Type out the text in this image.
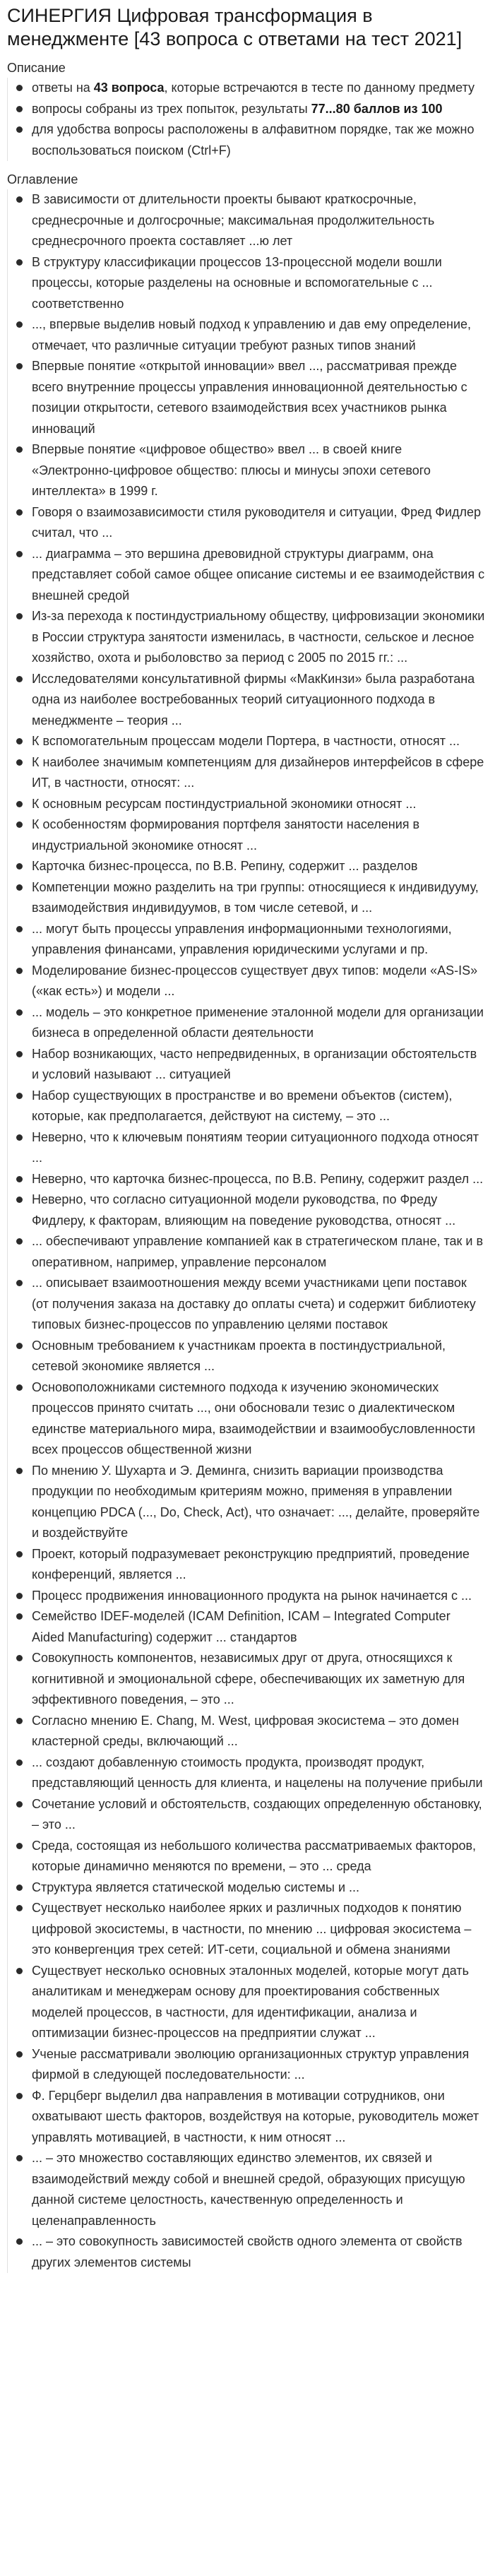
СИНЕРГИЯ Цифровая трансформация в менеджменте [43 вопроса с ответами на тест 2021]
Описание
ответы на 43 вопроса, которые встречаются в тесте по данному предмету
вопросы собраны из трех попыток, результаты 77...80 баллов из 100
для удобства вопросы расположены в алфавитном порядке, так же можно воспользоваться поиском (Ctrl+F)
Оглавление
В зависимости от длительности проекты бывают краткосрочные, среднесрочные и долгосрочные; максимальная продолжительность среднесрочного проекта составляет ...ю лет
В структуру классификации процессов 13-процессной модели вошли процессы, которые разделены на основные и вспомогательные с ... соответственно
..., впервые выделив новый подход к управлению и дав ему определение, отмечает, что различные ситуации требуют разных типов знаний
Впервые понятие «открытой инновации» ввел ..., рассматривая прежде всего внутренние процессы управления инновационной деятельностью с позиции открытости, сетевого взаимодействия всех участников рынка инноваций
Впервые понятие «цифровое общество» ввел ... в своей книге «Электронно-цифровое общество: плюсы и минусы эпохи сетевого интеллекта» в 1999 г.
Говоря о взаимозависимости стиля руководителя и ситуации, Фред Фидлер считал, что ...
... диаграмма – это вершина древовидной структуры диаграмм, она представляет собой самое общее описание системы и ее взаимодействия с внешней средой
Из-за перехода к постиндустриальному обществу, цифровизации экономики в России структура занятости изменилась, в частности, сельское и лесное хозяйство, охота и рыболовство за период с 2005 по 2015 гг.: ...
Исследователями консультативной фирмы «МакКинзи» была разработана одна из наиболее востребованных теорий ситуационного подхода в менеджменте – теория ...
К вспомогательным процессам модели Портера, в частности, относят ...
К наиболее значимым компетенциям для дизайнеров интерфейсов в сфере ИТ, в частности, относят: ...
К основным ресурсам постиндустриальной экономики относят ...
К особенностям формирования портфеля занятости населения в индустриальной экономике относят ...
Карточка бизнес-процесса, по В.В. Репину, содержит ... разделов
Компетенции можно разделить на три группы: относящиеся к индивидууму, взаимодействия индивидуумов, в том числе сетевой, и ...
... могут быть процессы управления информационными технологиями, управления финансами, управления юридическими услугами и пр.
Моделирование бизнес-процессов существует двух типов: модели «AS-IS» («как есть») и модели ...
... модель – это конкретное применение эталонной модели для организации бизнеса в определенной области деятельности
Набор возникающих, часто непредвиденных, в организации обстоятельств и условий называют ... ситуацией
Набор существующих в пространстве и во времени объектов (систем), которые, как предполагается, действуют на систему, – это ...
Неверно, что к ключевым понятиям теории ситуационного подхода относят ...
Неверно, что карточка бизнес-процесса, по В.В. Репину, содержит раздел ...
Неверно, что согласно ситуационной модели руководства, по Фреду Фидлеру, к факторам, влияющим на поведение руководства, относят ...
... обеспечивают управление компанией как в стратегическом плане, так и в оперативном, например, управление персоналом
... описывает взаимоотношения между всеми участниками цепи поставок (от получения заказа на доставку до оплаты счета) и содержит библиотеку типовых бизнес-процессов по управлению целями поставок
Основным требованием к участникам проекта в постиндустриальной, сетевой экономике является ...
Основоположниками системного подхода к изучению экономических процессов принято считать ..., они обосновали тезис о диалектическом единстве материального мира, взаимодействии и взаимообусловленности всех процессов общественной жизни
По мнению У. Шухарта и Э. Деминга, снизить вариации производства продукции по необходимым критериям можно, применяя в управлении концепцию PDCA (..., Do, Check, Act), что означает: ..., делайте, проверяйте и воздействуйте
Проект, который подразумевает реконструкцию предприятий, проведение конференций, является ...
Процесс продвижения инновационного продукта на рынок начинается с ...
Семейство IDEF-моделей (ICAM Definition, ICAM – Integrated Computer Aided Manufacturing) содержит ... стандартов
Совокупность компонентов, независимых друг от друга, относящихся к когнитивной и эмоциональной сфере, обеспечивающих их заметную для эффективного поведения, – это ...
Согласно мнению E. Chang, M. West, цифровая экосистема – это домен кластерной среды, включающий ...
... создают добавленную стоимость продукта, производят продукт, представляющий ценность для клиента, и нацелены на получение прибыли
Сочетание условий и обстоятельств, создающих определенную обстановку, – это ...
Среда, состоящая из небольшого количества рассматриваемых факторов, которые динамично меняются по времени, – это ... среда
Структура является статической моделью системы и ...
Существует несколько наиболее ярких и различных подходов к понятию цифровой экосистемы, в частности, по мнению ... цифровая экосистема – это конвергенция трех сетей: ИТ-сети, социальной и обмена знаниями
Существует несколько основных эталонных моделей, которые могут дать аналитикам и менеджерам основу для проектирования собственных моделей процессов, в частности, для идентификации, анализа и оптимизации бизнес-процессов на предприятии служат ...
Ученые рассматривали эволюцию организационных структур управления фирмой в следующей последовательности: ...
Ф. Герцберг выделил два направления в мотивации сотрудников, они охватывают шесть факторов, воздействуя на которые, руководитель может управлять мотивацией, в частности, к ним относят ...
... – это множество составляющих единство элементов, их связей и взаимодействий между собой и внешней средой, образующих присущую данной системе целостность, качественную определенность и целенаправленность
... – это совокупность зависимостей свойств одного элемента от свойств других элементов системы
